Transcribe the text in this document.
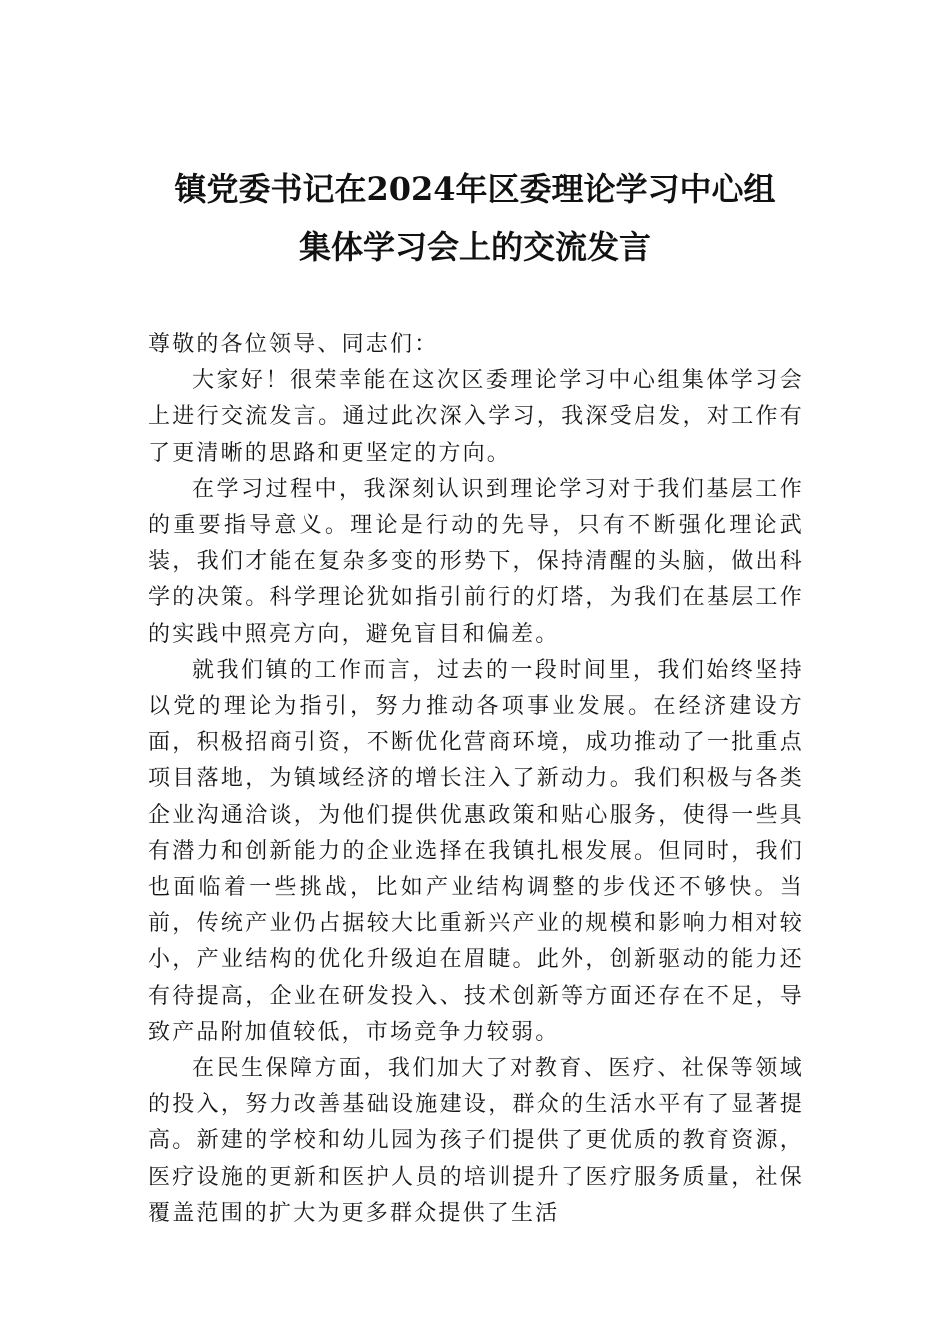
镇党委书记在2024年区委理论学习中心组
集体学习会上的交流发言

尊敬的各位领导、同志们：

大家好！很荣幸能在这次区委理论学习中心组集体学习会上进行交流发言。通过此次深入学习，我深受启发，对工作有了更清晰的思路和更坚定的方向。

在学习过程中，我深刻认识到理论学习对于我们基层工作的重要指导意义。理论是行动的先导，只有不断强化理论武装，我们才能在复杂多变的形势下，保持清醒的头脑，做出科学的决策。科学理论犹如指引前行的灯塔，为我们在基层工作的实践中照亮方向，避免盲目和偏差。

就我们镇的工作而言，过去的一段时间里，我们始终坚持以党的理论为指引，努力推动各项事业发展。在经济建设方面，积极招商引资，不断优化营商环境，成功推动了一批重点项目落地，为镇域经济的增长注入了新动力。我们积极与各类企业沟通洽谈，为他们提供优惠政策和贴心服务，使得一些具有潜力和创新能力的企业选择在我镇扎根发展。但同时，我们也面临着一些挑战，比如产业结构调整的步伐还不够快。当前，传统产业仍占据较大比重新兴产业的规模和影响力相对较小，产业结构的优化升级迫在眉睫。此外，创新驱动的能力还有待提高，企业在研发投入、技术创新等方面还存在不足，导致产品附加值较低，市场竞争力较弱。

在民生保障方面，我们加大了对教育、医疗、社保等领域的投入，努力改善基础设施建设，群众的生活水平有了显著提高。新建的学校和幼儿园为孩子们提供了更优质的教育资源，医疗设施的更新和医护人员的培训提升了医疗服务质量，社保覆盖范围的扩大为更多群众提供了生活
